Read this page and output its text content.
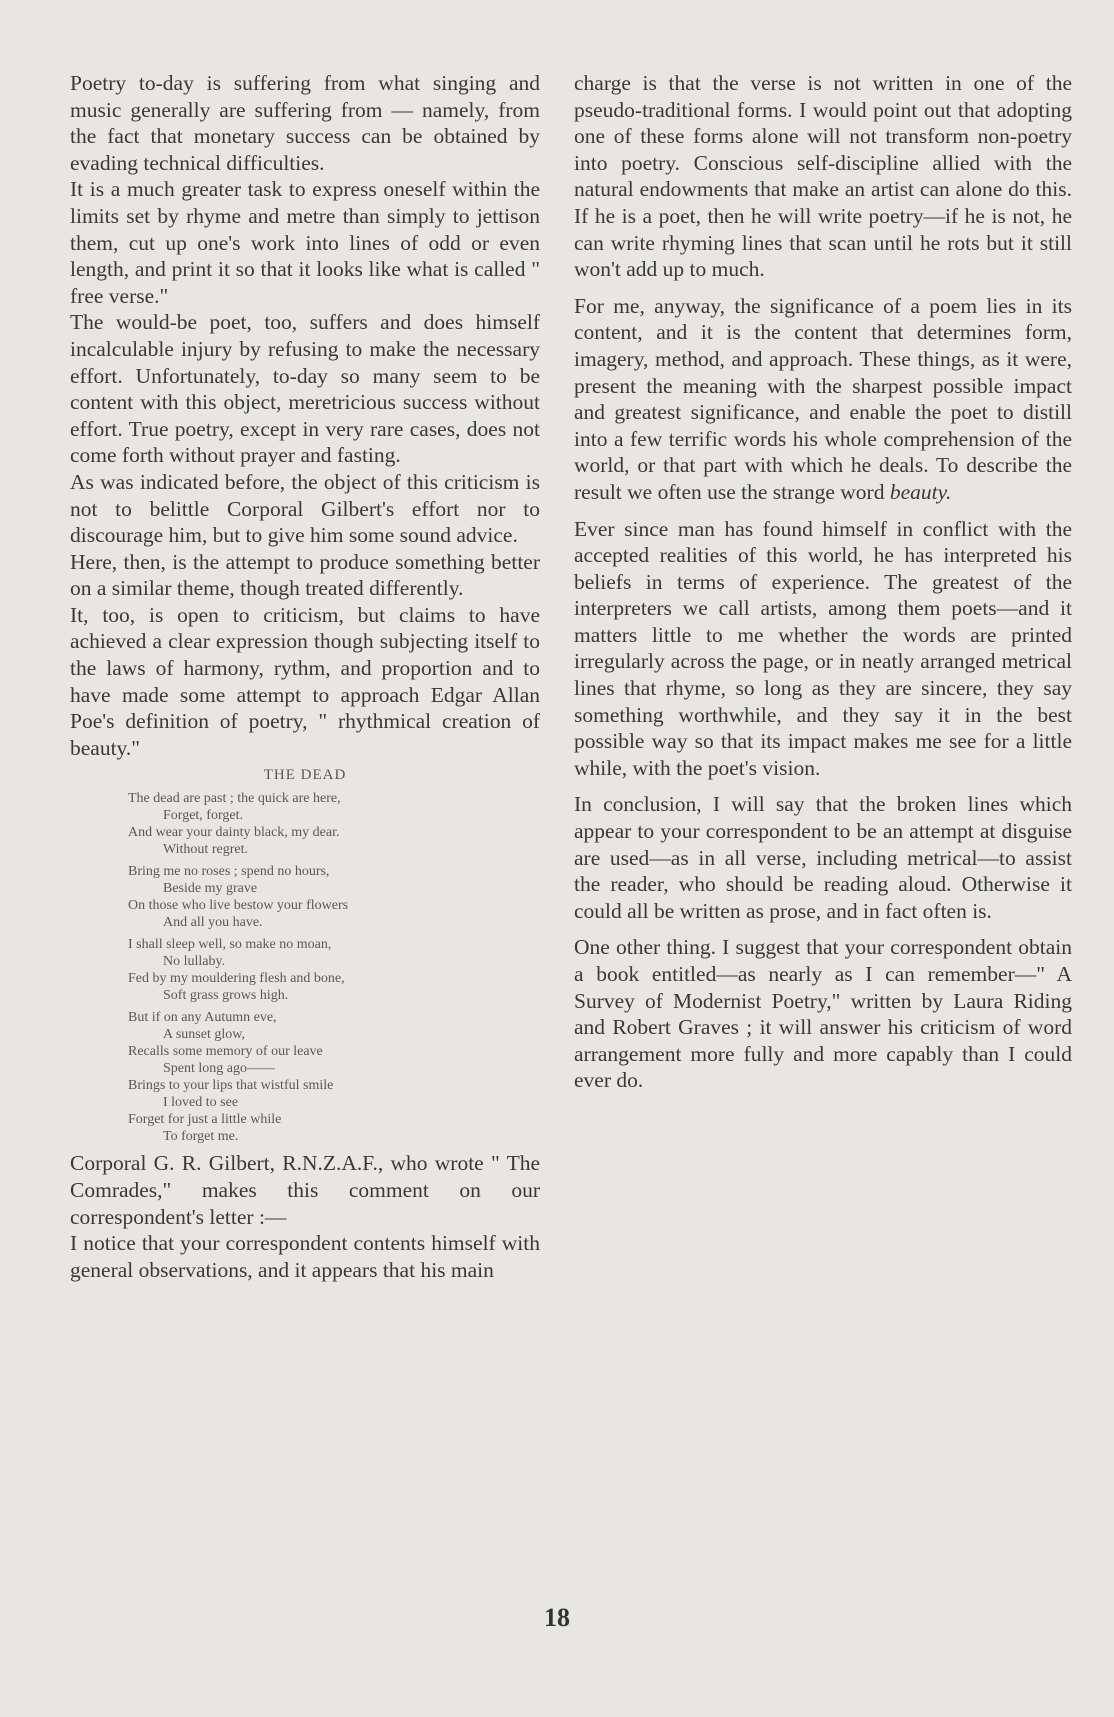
Poetry to-day is suffering from what singing and music generally are suffering from — namely, from the fact that monetary success can be obtained by evading technical difficulties.

It is a much greater task to express oneself within the limits set by rhyme and metre than simply to jettison them, cut up one's work into lines of odd or even length, and print it so that it looks like what is called " free verse."

The would-be poet, too, suffers and does himself incalculable injury by refusing to make the necessary effort. Unfortunately, to-day so many seem to be content with this object, meretricious success without effort. True poetry, except in very rare cases, does not come forth without prayer and fasting.

As was indicated before, the object of this criticism is not to belittle Corporal Gilbert's effort nor to discourage him, but to give him some sound advice.

Here, then, is the attempt to produce something better on a similar theme, though treated differently.

It, too, is open to criticism, but claims to have achieved a clear expression though subjecting itself to the laws of harmony, rythm, and proportion and to have made some attempt to approach Edgar Allan Poe's definition of poetry, " rhythmical creation of beauty."

THE DEAD
The dead are past ; the quick are here,
Forget, forget.
And wear your dainty black, my dear.
Without regret.
Bring me no roses ; spend no hours,
Beside my grave
On those who live bestow your flowers
And all you have.
I shall sleep well, so make no moan,
No lullaby.
Fed by my mouldering flesh and bone,
Soft grass grows high.
But if on any Autumn eve,
A sunset glow,
Recalls some memory of our leave
Spent long ago——
Brings to your lips that wistful smile
I loved to see
Forget for just a little while
To forget me.

Corporal G. R. Gilbert, R.N.Z.A.F., who wrote " The Comrades," makes this comment on our correspondent's letter :—

I notice that your correspondent contents himself with general observations, and it appears that his main

charge is that the verse is not written in one of the pseudo-traditional forms. I would point out that adopting one of these forms alone will not transform non-poetry into poetry. Conscious self-discipline allied with the natural endowments that make an artist can alone do this. If he is a poet, then he will write poetry—if he is not, he can write rhyming lines that scan until he rots but it still won't add up to much.

For me, anyway, the significance of a poem lies in its content, and it is the content that determines form, imagery, method, and approach. These things, as it were, present the meaning with the sharpest possible impact and greatest significance, and enable the poet to distill into a few terrific words his whole comprehension of the world, or that part with which he deals. To describe the result we often use the strange word beauty.

Ever since man has found himself in conflict with the accepted realities of this world, he has interpreted his beliefs in terms of experience. The greatest of the interpreters we call artists, among them poets—and it matters little to me whether the words are printed irregularly across the page, or in neatly arranged metrical lines that rhyme, so long as they are sincere, they say something worthwhile, and they say it in the best possible way so that its impact makes me see for a little while, with the poet's vision.

In conclusion, I will say that the broken lines which appear to your correspondent to be an attempt at disguise are used—as in all verse, including metrical—to assist the reader, who should be reading aloud. Otherwise it could all be written as prose, and in fact often is.

One other thing. I suggest that your correspondent obtain a book entitled—as nearly as I can remember—" A Survey of Modernist Poetry," written by Laura Riding and Robert Graves ; it will answer his criticism of word arrangement more fully and more capably than I could ever do.

18
